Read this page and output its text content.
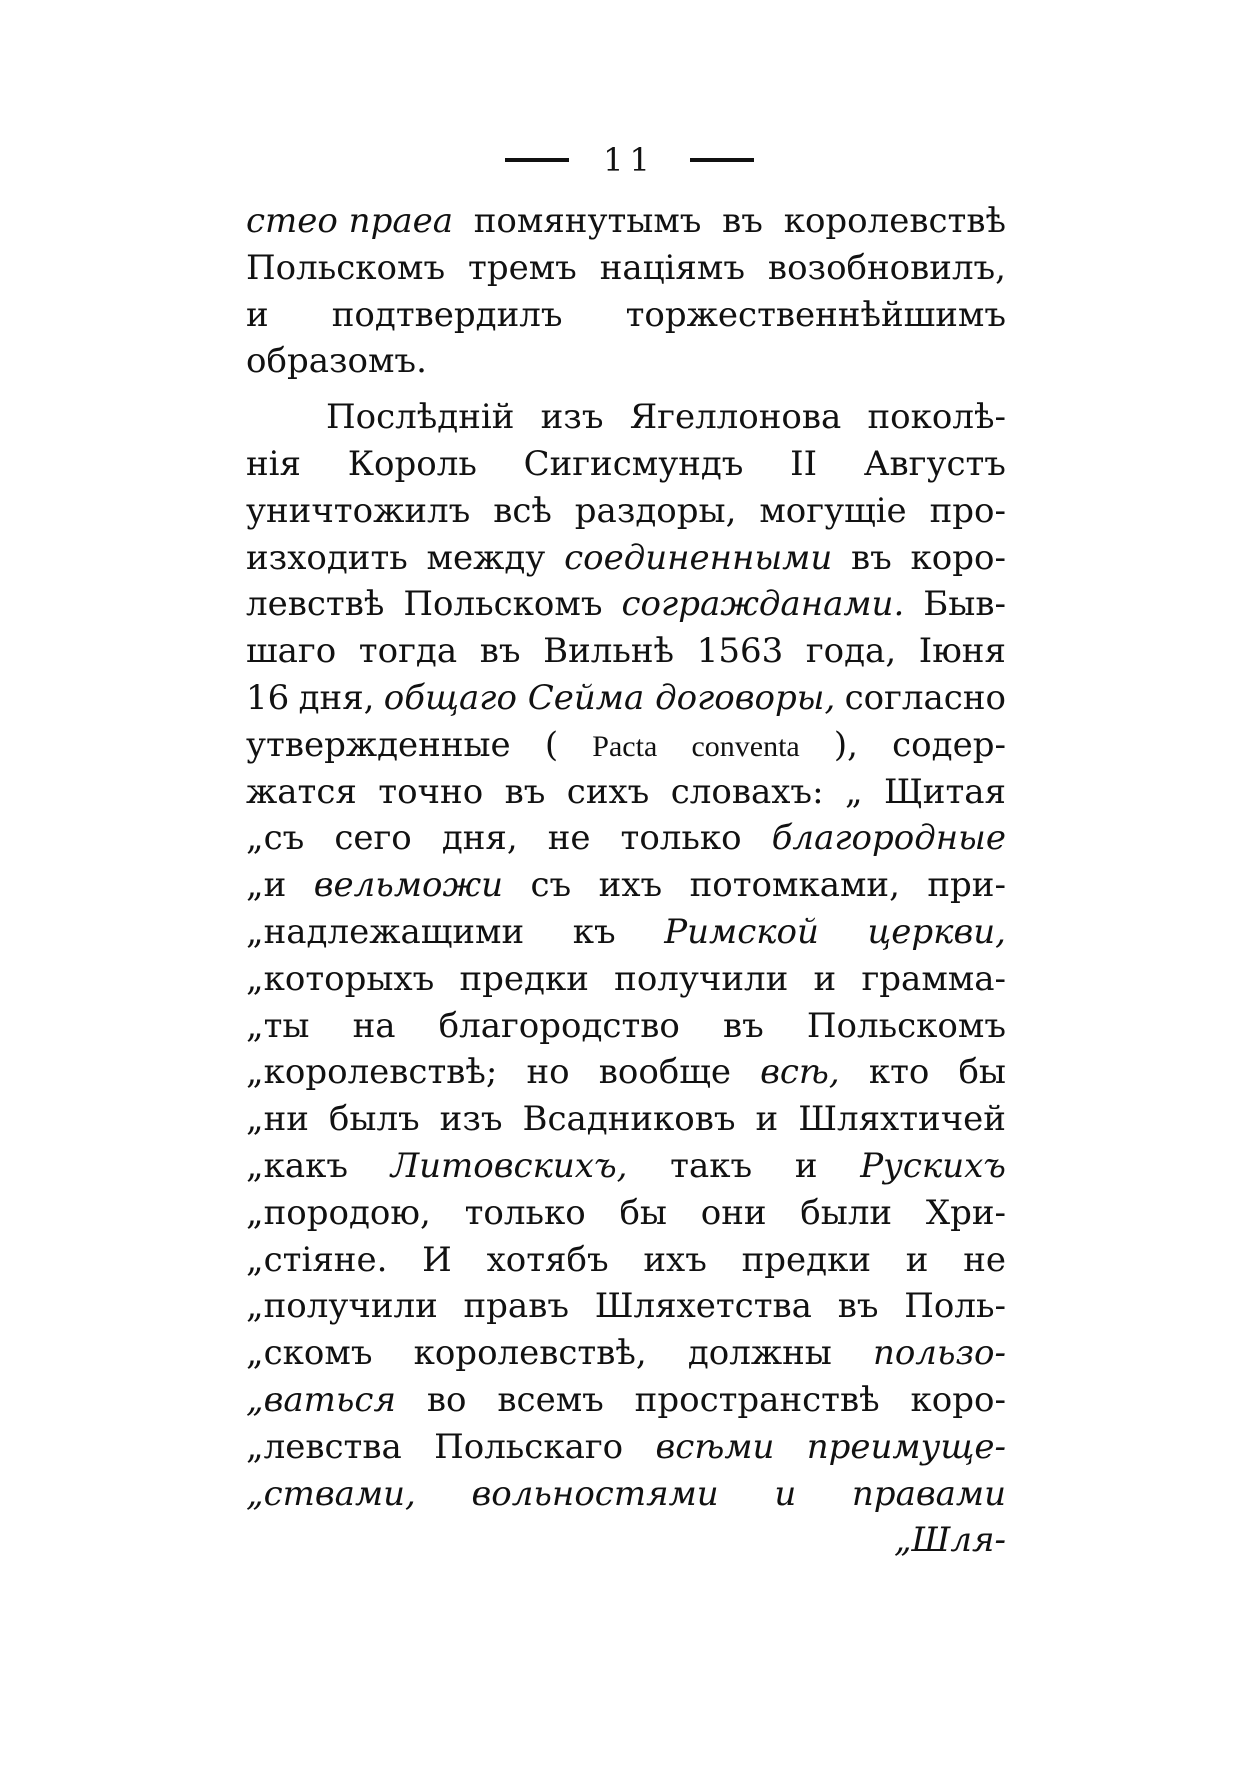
11
стео праеа помянутымъ въ королевствѣ
Польскомъ тремъ націямъ возобновилъ,
и подтвердилъ торжественнѣйшимъ
образомъ.
Послѣдній изъ Ягеллонова поколѣ-
нія Король Сигисмундъ II Августъ
уничтожилъ всѣ раздоры, могущіе про-
изходить между соединенными въ коро-
левствѣ Польскомъ согражданами. Быв-
шаго тогда въ Вильнѣ 1563 года, Іюня
16 дня, общаго Сейма договоры, согласно
утвержденные ( Pacta conventa ), содер-
жатся точно въ сихъ словахъ: „ Щитая
„съ сего дня, не только благородные
„и вельможи съ ихъ потомками, при-
„надлежащими къ Римской церкви,
„которыхъ предки получили и грамма-
„ты на благородство въ Польскомъ
„королевствѣ; но вообще всѣ, кто бы
„ни былъ изъ Всадниковъ и Шляхтичей
„какъ Литовскихъ, такъ и Рускихъ
„породою, только бы они были Хри-
„стіяне. И хотябъ ихъ предки и не
„получили правъ Шляхетства въ Поль-
„скомъ королевствѣ, должны пользо-
„ваться во всемъ пространствѣ коро-
„левства Польскаго всѣми преимуще-
„ствами, вольностями и правами
„Шля-
